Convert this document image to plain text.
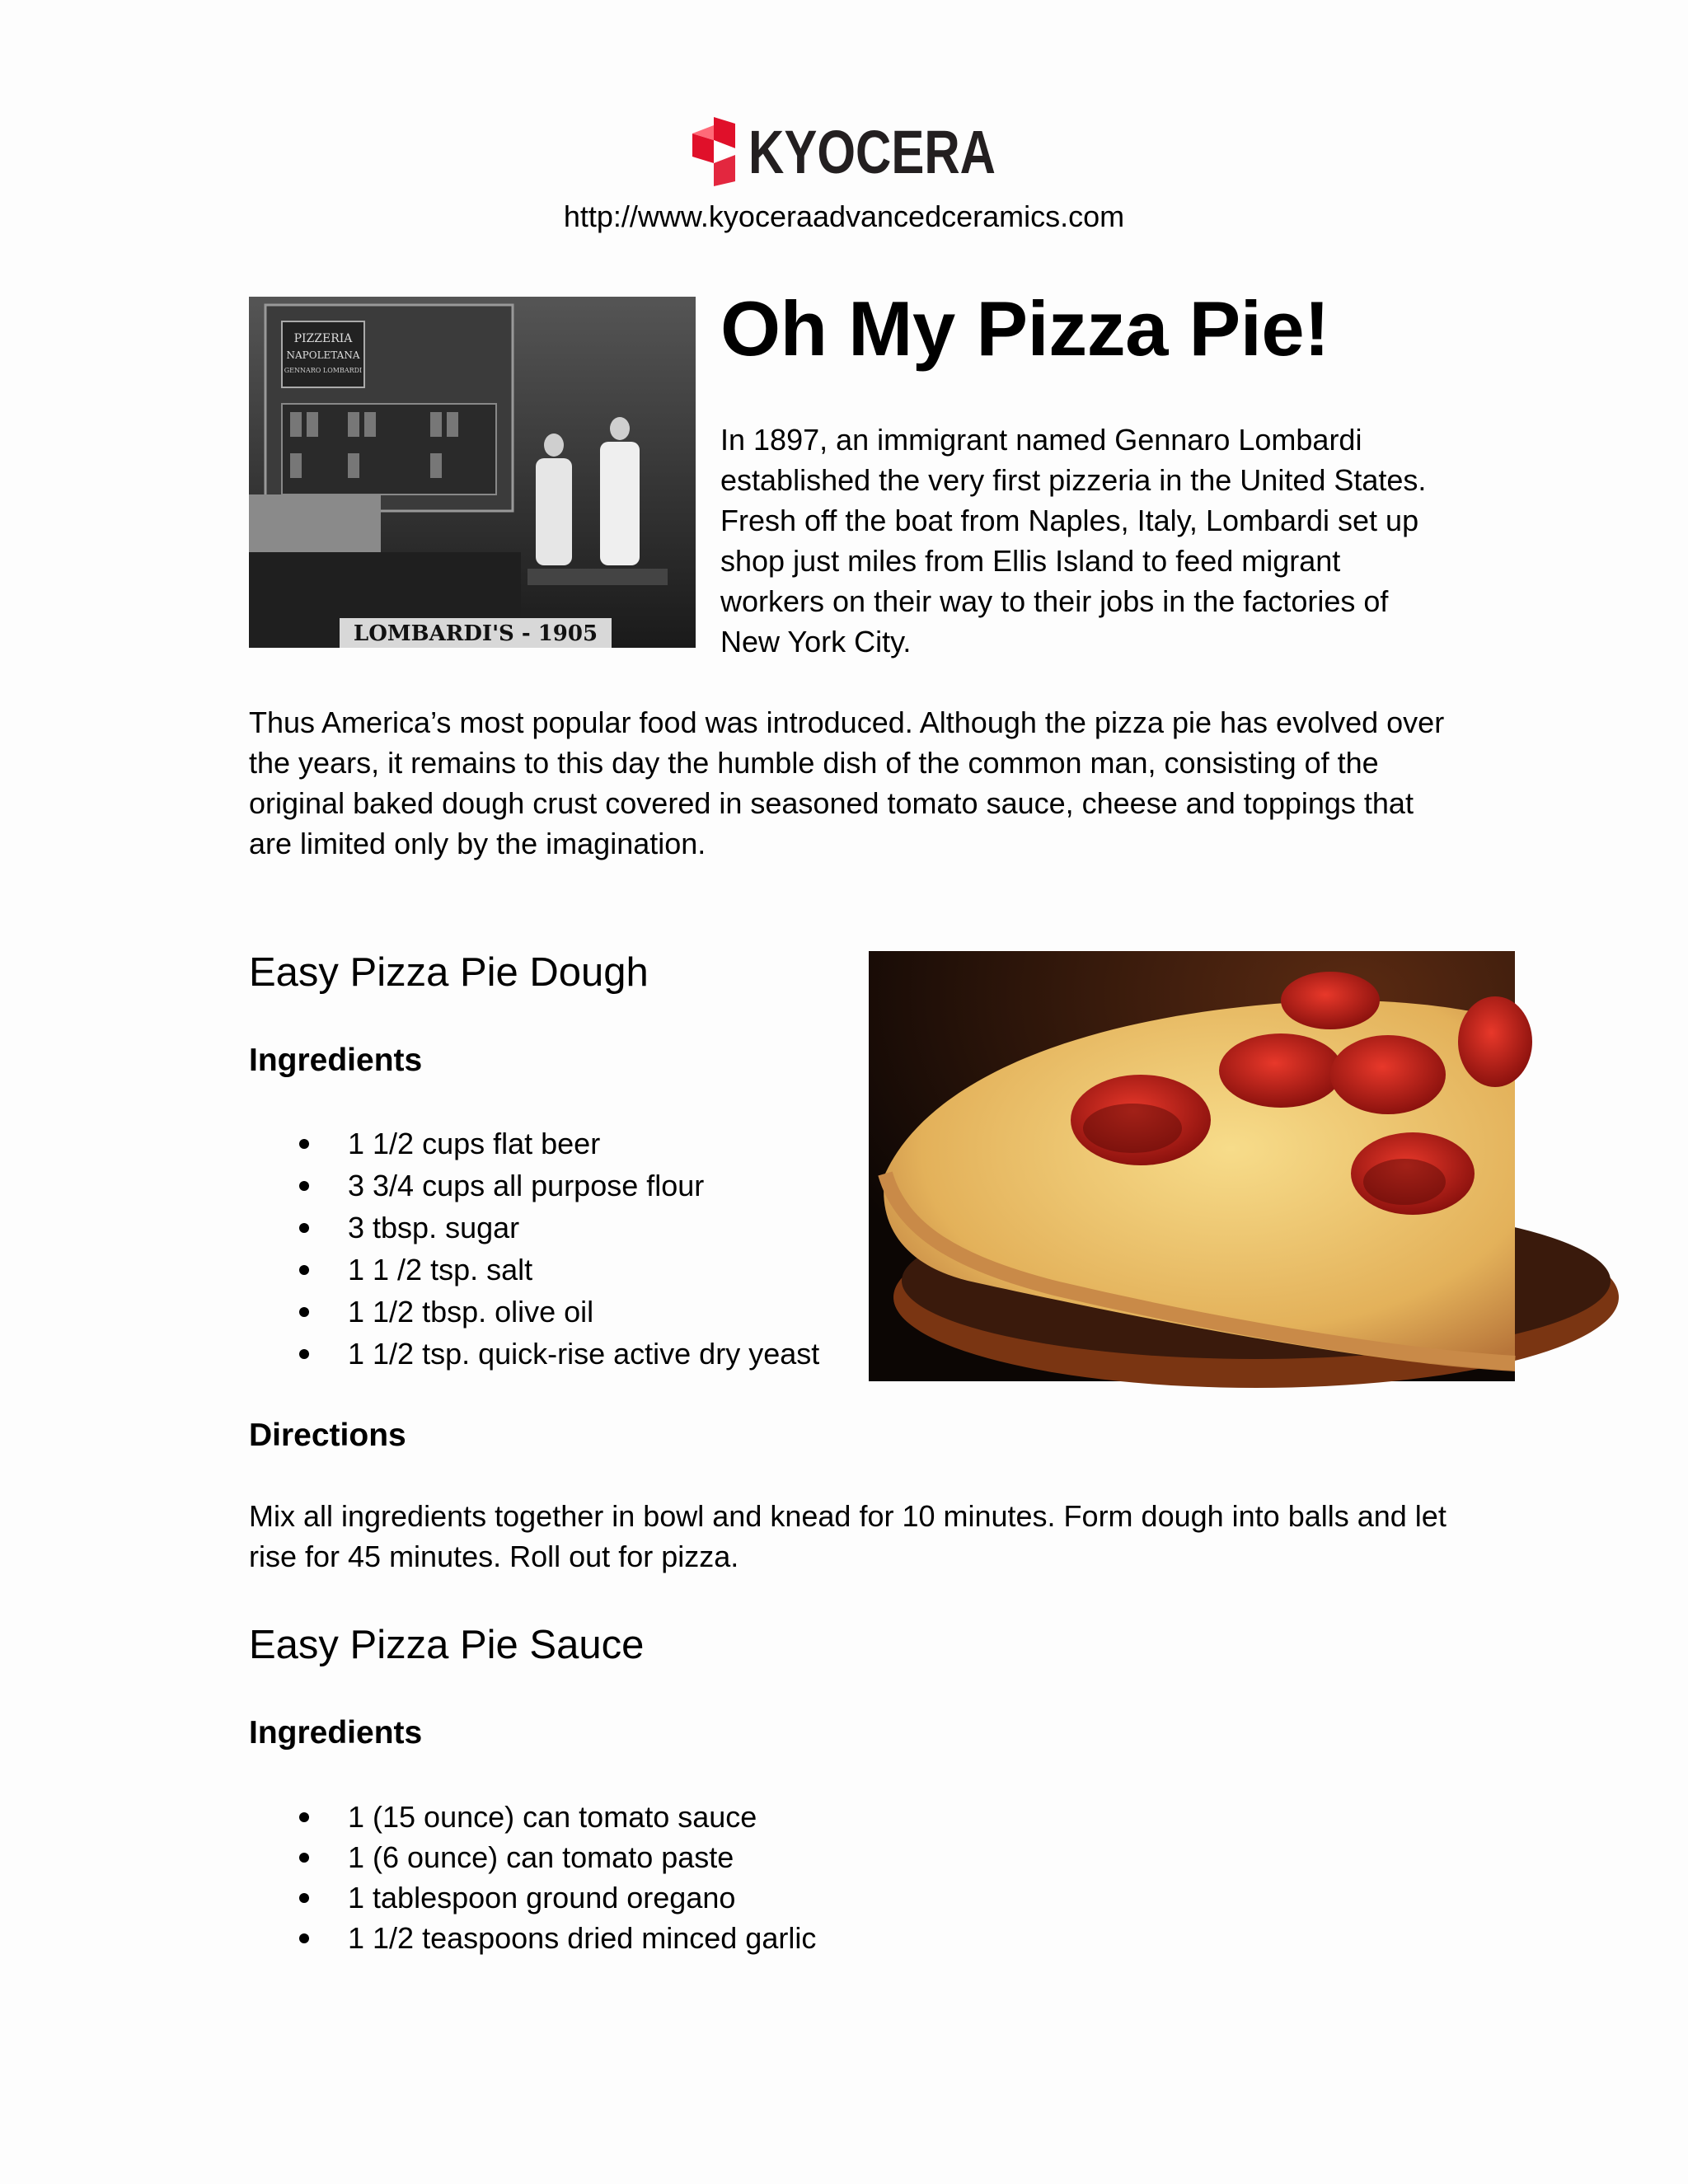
KYOCERA
http://www.kyoceraadvancedceramics.com
PIZZERIA
NAPOLETANA
GENNARO LOMBARDI
LOMBARDI'S - 1905
Oh My Pizza Pie!
In 1897, an immigrant named Gennaro Lombardi established the very first pizzeria in the United States. Fresh off the boat from Naples, Italy, Lombardi set up shop just miles from Ellis Island to feed migrant workers on their way to their jobs in the factories of New York City.
Thus America’s most popular food was introduced. Although the pizza pie has evolved over the years, it remains to this day the humble dish of the common man, consisting of the original baked dough crust covered in seasoned tomato sauce, cheese and toppings that are limited only by the imagination.
Easy Pizza Pie Dough
Ingredients
1 1/2 cups flat beer
3 3/4 cups all purpose flour
3 tbsp. sugar
1 1 /2 tsp. salt
1 1/2 tbsp. olive oil
1 1/2 tsp. quick-rise active dry yeast
Directions
Mix all ingredients together in bowl and knead for 10 minutes. Form dough into balls and let rise for 45 minutes. Roll out for pizza.
Easy Pizza Pie Sauce
Ingredients
1 (15 ounce) can tomato sauce
1 (6 ounce) can tomato paste
1 tablespoon ground oregano
1 1/2 teaspoons dried minced garlic
